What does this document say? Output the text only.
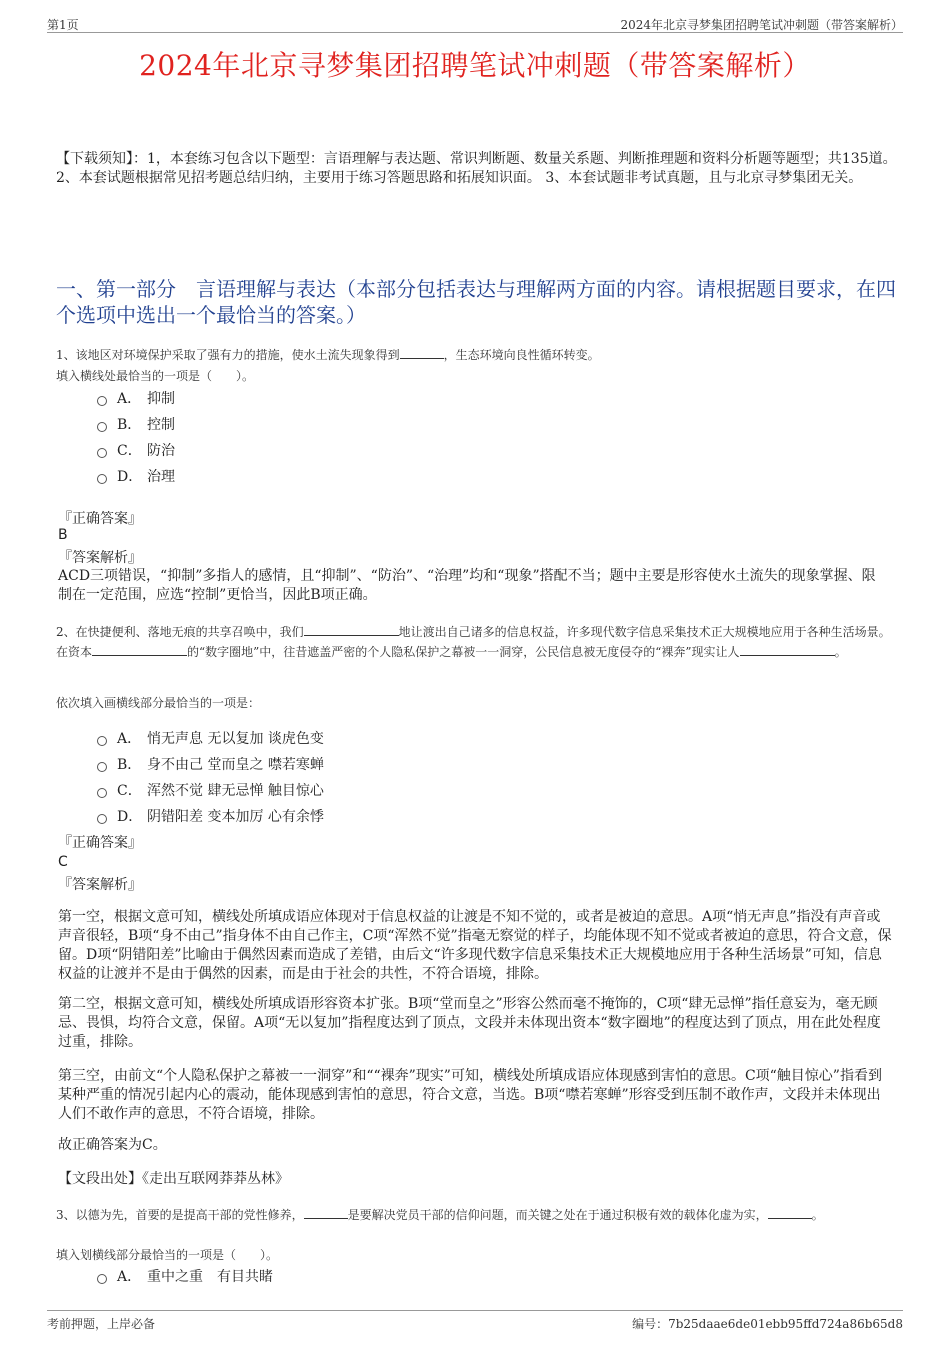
第1页	2024年北京寻梦集团招聘笔试冲刺题（带答案解析）
2024年北京寻梦集团招聘笔试冲刺题（带答案解析）
【下载须知】：1，本套练习包含以下题型：言语理解与表达题、常识判断题、数量关系题、判断推理题和资料分析题等题型；共135道。 2、本套试题根据常见招考题总结归纳，主要用于练习答题思路和拓展知识面。 3、本套试题非考试真题，且与北京寻梦集团无关。
一、第一部分　言语理解与表达（本部分包括表达与理解两方面的内容。请根据题目要求，在四个选项中选出一个最恰当的答案。）
1、该地区对环境保护采取了强有力的措施，使水土流失现象得到	，生态环境向良性循环转变。
填入横线处最恰当的一项是（　　）。
A． 抑制
B． 控制
C． 防治
D． 治理
『正确答案』
B
『答案解析』
ACD三项错误，“抑制”多指人的感情，且“抑制”、“防治”、“治理”均和“现象”搭配不当；题中主要是形容使水土流失的现象掌握、限制在一定范围，应选“控制”更恰当，因此B项正确。
2、在快捷便利、落地无痕的共享召唤中，我们	地让渡出自己诸多的信息权益，许多现代数字信息采集技术正大规模地应用于各种生活场景。在资本	的“数字圈地”中，往昔遮盖严密的个人隐私保护之幕被一一洞穿，公民信息被无度侵夺的“裸奔”现实让人	。
依次填入画横线部分最恰当的一项是：
A． 悄无声息 无以复加 谈虎色变
B． 身不由己 堂而皇之 噤若寒蝉
C． 浑然不觉 肆无忌惮 触目惊心
D． 阴错阳差 变本加厉 心有余悸
『正确答案』
C
『答案解析』
第一空，根据文意可知，横线处所填成语应体现对于信息权益的让渡是不知不觉的，或者是被迫的意思。A项“悄无声息”指没有声音或声音很轻，B项“身不由己”指身体不由自己作主，C项“浑然不觉”指毫无察觉的样子，均能体现不知不觉或者被迫的意思，符合文意，保留。D项“阴错阳差”比喻由于偶然因素而造成了差错，由后文“许多现代数字信息采集技术正大规模地应用于各种生活场景”可知，信息权益的让渡并不是由于偶然的因素，而是由于社会的共性，不符合语境，排除。
第二空，根据文意可知，横线处所填成语形容资本扩张。B项“堂而皇之”形容公然而毫不掩饰的，C项“肆无忌惮”指任意妄为，毫无顾忌、畏惧，均符合文意，保留。A项“无以复加”指程度达到了顶点，文段并未体现出资本“数字圈地”的程度达到了顶点，用在此处程度过重，排除。
第三空，由前文“个人隐私保护之幕被一一洞穿”和““裸奔”现实”可知，横线处所填成语应体现感到害怕的意思。C项“触目惊心”指看到某种严重的情况引起内心的震动，能体现感到害怕的意思，符合文意，当选。B项“噤若寒蝉”形容受到压制不敢作声，文段并未体现出人们不敢作声的意思，不符合语境，排除。
故正确答案为C。
【文段出处】《走出互联网莽莽丛林》
3、以德为先，首要的是提高干部的党性修养，	是要解决党员干部的信仰问题，而关键之处在于通过积极有效的载体化虚为实，	。
填入划横线部分最恰当的一项是（　　）。
A． 重中之重　有目共睹
考前押题，上岸必备	编号：7b25daae6de01ebb95ffd724a86b65d8
